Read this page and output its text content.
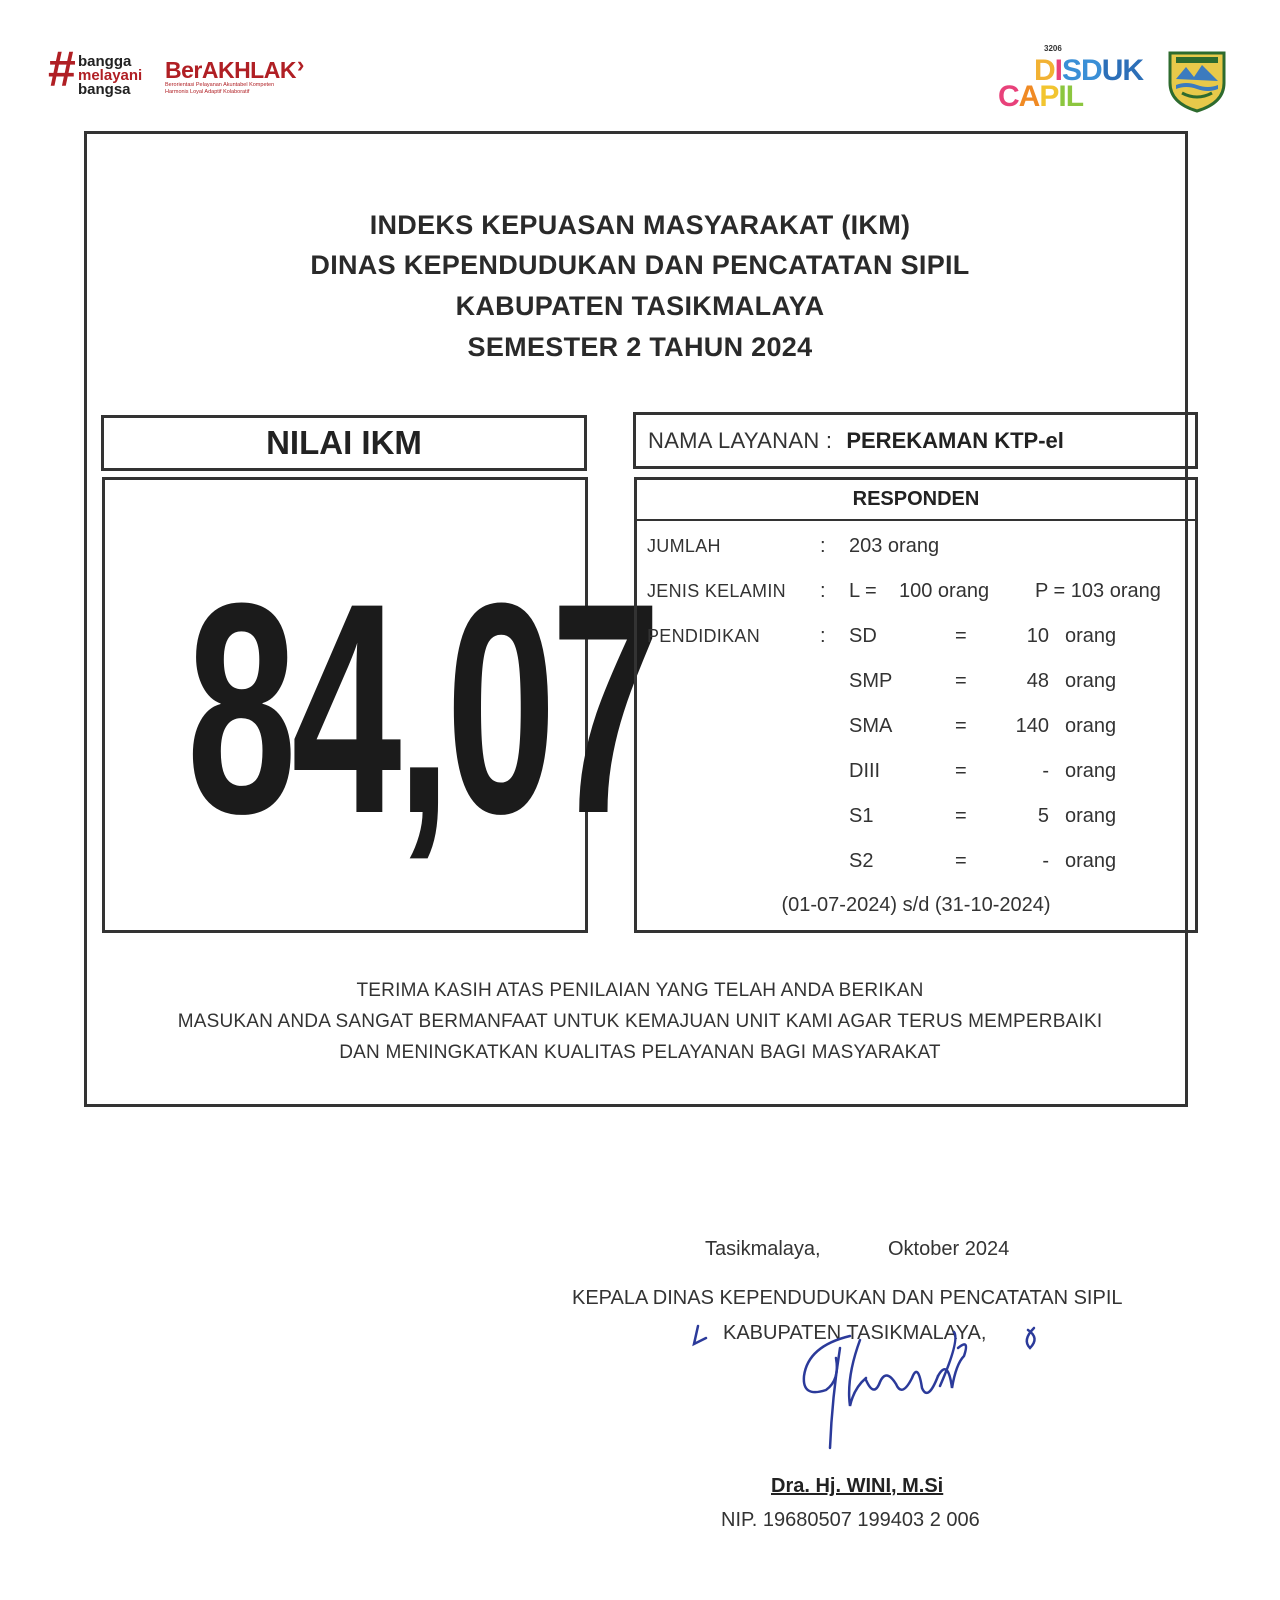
# bangga
melayani
bangsa
BerAKHLAK ›
Berorientasi Pelayanan Akuntabel Kompeten
Harmonis Loyal Adaptif Kolaboratif
3206
DISDUK
CAPIL
INDEKS KEPUASAN MASYARAKAT (IKM)
DINAS KEPENDUDUKAN DAN PENCATATAN SIPIL
KABUPATEN TASIKMALAYA
SEMESTER 2 TAHUN 2024
NILAI IKM
84,07
NAMA LAYANAN : PEREKAMAN KTP-el
RESPONDEN
JUMLAH	: 203 orang
JENIS KELAMIN : L = 100 orang P = 103 orang
PENDIDIKAN	: SD	=	10 orang
SMP	=	48 orang
SMA	=	140 orang
DIII	=	- orang
S1	=	5 orang
S2	=	- orang
(01-07-2024) s/d (31-10-2024)
TERIMA KASIH ATAS PENILAIAN YANG TELAH ANDA BERIKAN
MASUKAN ANDA SANGAT BERMANFAAT UNTUK KEMAJUAN UNIT KAMI AGAR TERUS MEMPERBAIKI
DAN MENINGKATKAN KUALITAS PELAYANAN BAGI MASYARAKAT
Tasikmalaya,	Oktober 2024
KEPALA DINAS KEPENDUDUKAN DAN PENCATATAN SIPIL
KABUPATEN TASIKMALAYA,
Dra. Hj. WINI, M.Si
NIP. 19680507 199403 2 006
